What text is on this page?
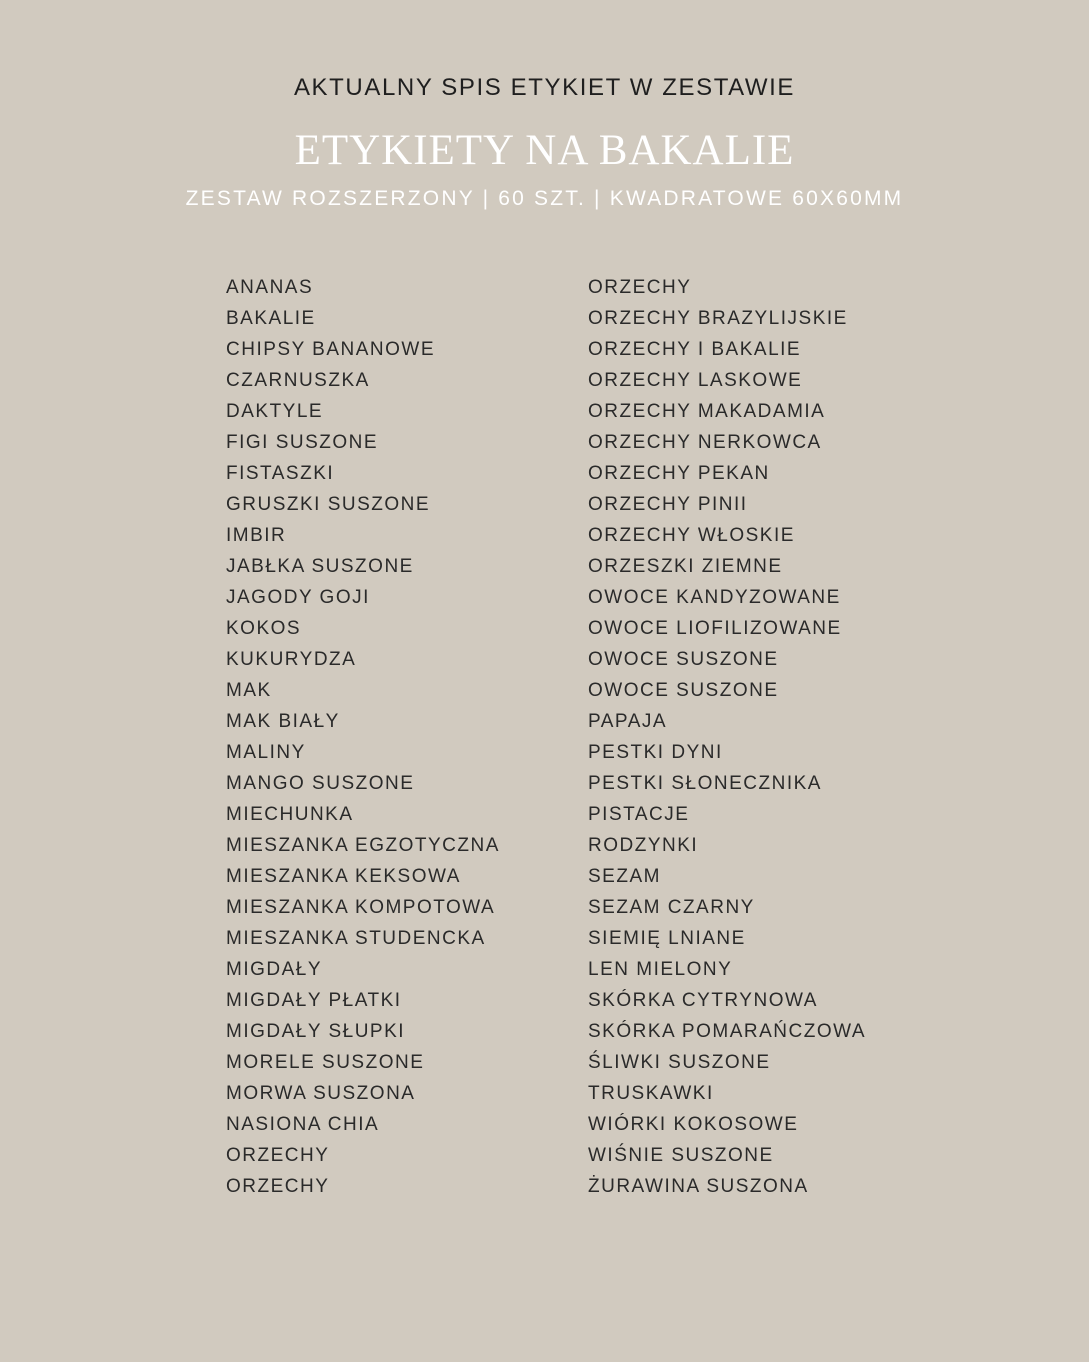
AKTUALNY SPIS ETYKIET W ZESTAWIE
ETYKIETY NA BAKALIE
ZESTAW ROZSZERZONY | 60 SZT. | KWADRATOWE 60X60MM
ANANAS
BAKALIE
CHIPSY BANANOWE
CZARNUSZKA
DAKTYLE
FIGI SUSZONE
FISTASZKI
GRUSZKI SUSZONE
IMBIR
JABŁKA SUSZONE
JAGODY GOJI
KOKOS
KUKURYDZA
MAK
MAK BIAŁY
MALINY
MANGO SUSZONE
MIECHUNKA
MIESZANKA EGZOTYCZNA
MIESZANKA KEKSOWA
MIESZANKA KOMPOTOWA
MIESZANKA STUDENCKA
MIGDAŁY
MIGDAŁY PŁATKI
MIGDAŁY SŁUPKI
MORELE SUSZONE
MORWA SUSZONA
NASIONA CHIA
ORZECHY
ORZECHY
ORZECHY
ORZECHY BRAZYLIJSKIE
ORZECHY I BAKALIE
ORZECHY LASKOWE
ORZECHY MAKADAMIA
ORZECHY NERKOWCA
ORZECHY PEKAN
ORZECHY PINII
ORZECHY WŁOSKIE
ORZESZKI ZIEMNE
OWOCE KANDYZOWANE
OWOCE LIOFILIZOWANE
OWOCE SUSZONE
OWOCE SUSZONE
PAPAJA
PESTKI DYNI
PESTKI SŁONECZNIKA
PISTACJE
RODZYNKI
SEZAM
SEZAM CZARNY
SIEMIĘ LNIANE
LEN MIELONY
SKÓRKA CYTRYNOWA
SKÓRKA POMARAŃCZOWA
ŚLIWKI SUSZONE
TRUSKAWKI
WIÓRKI KOKOSOWE
WIŚNIE SUSZONE
ŻURAWINA SUSZONA
